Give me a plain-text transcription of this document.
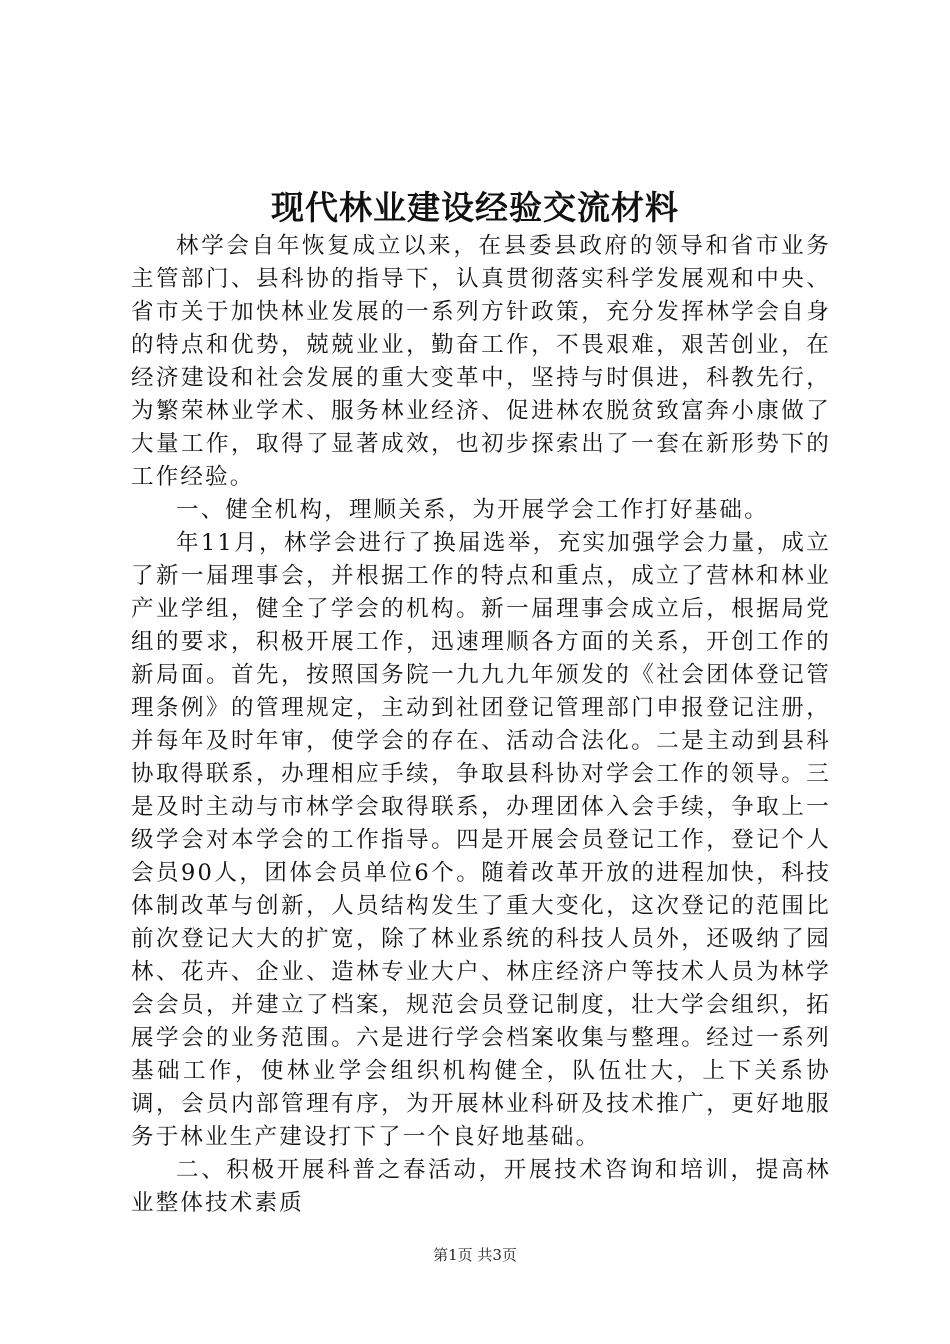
现代林业建设经验交流材料

林学会自年恢复成立以来，在县委县政府的领导和省市业务主管部门、县科协的指导下，认真贯彻落实科学发展观和中央、省市关于加快林业发展的一系列方针政策，充分发挥林学会自身的特点和优势，兢兢业业，勤奋工作，不畏艰难，艰苦创业，在经济建设和社会发展的重大变革中，坚持与时俱进，科教先行，为繁荣林业学术、服务林业经济、促进林农脱贫致富奔小康做了大量工作，取得了显著成效，也初步探索出了一套在新形势下的工作经验。

一、健全机构，理顺关系，为开展学会工作打好基础。

年11月，林学会进行了换届选举，充实加强学会力量，成立了新一届理事会，并根据工作的特点和重点，成立了营林和林业产业学组，健全了学会的机构。新一届理事会成立后，根据局党组的要求，积极开展工作，迅速理顺各方面的关系，开创工作的新局面。首先，按照国务院一九九九年颁发的《社会团体登记管理条例》的管理规定，主动到社团登记管理部门申报登记注册，并每年及时年审，使学会的存在、活动合法化。二是主动到县科协取得联系，办理相应手续，争取县科协对学会工作的领导。三是及时主动与市林学会取得联系，办理团体入会手续，争取上一级学会对本学会的工作指导。四是开展会员登记工作，登记个人会员90人，团体会员单位6个。随着改革开放的进程加快，科技体制改革与创新，人员结构发生了重大变化，这次登记的范围比前次登记大大的扩宽，除了林业系统的科技人员外，还吸纳了园林、花卉、企业、造林专业大户、林庄经济户等技术人员为林学会会员，并建立了档案，规范会员登记制度，壮大学会组织，拓展学会的业务范围。六是进行学会档案收集与整理。经过一系列基础工作，使林业学会组织机构健全，队伍壮大，上下关系协调，会员内部管理有序，为开展林业科研及技术推广，更好地服务于林业生产建设打下了一个良好地基础。

二、积极开展科普之春活动，开展技术咨询和培训，提高林业整体技术素质

第1页 共3页
